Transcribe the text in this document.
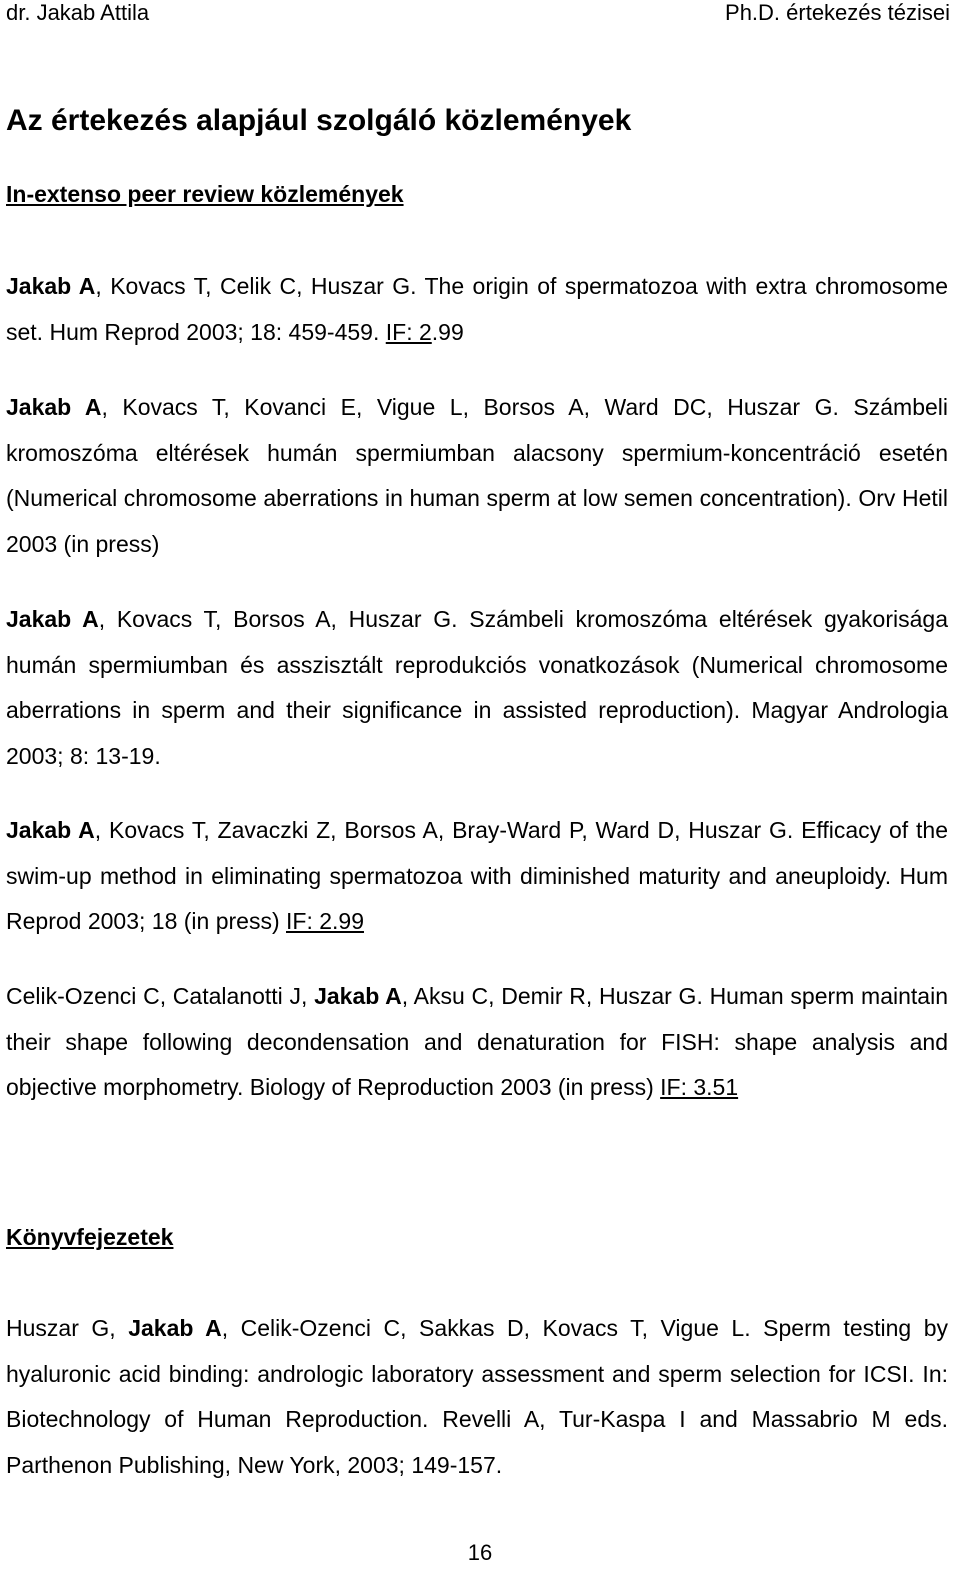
dr. Jakab Attila	Ph.D. értekezés tézisei
Az értekezés alapjául szolgáló közlemények
In-extenso peer review közlemények

Jakab A, Kovacs T, Celik C, Huszar G. The origin of spermatozoa with extra chromosome set. Hum Reprod 2003; 18: 459-459. IF: 2.99

Jakab A, Kovacs T, Kovanci E, Vigue L, Borsos A, Ward DC, Huszar G. Számbeli kromoszóma eltérések humán spermiumban alacsony spermium-koncentráció esetén (Numerical chromosome aberrations in human sperm at low semen concentration). Orv Hetil 2003 (in press)

Jakab A, Kovacs T, Borsos A, Huszar G. Számbeli kromoszóma eltérések gyakorisága humán spermiumban és asszisztált reprodukciós vonatkozások (Numerical chromosome aberrations in sperm and their significance in assisted reproduction). Magyar Andrologia 2003; 8: 13-19.

Jakab A, Kovacs T, Zavaczki Z, Borsos A, Bray-Ward P, Ward D, Huszar G. Efficacy of the swim-up method in eliminating spermatozoa with diminished maturity and aneuploidy. Hum Reprod 2003; 18 (in press) IF: 2.99

Celik-Ozenci C, Catalanotti J, Jakab A, Aksu C, Demir R, Huszar G. Human sperm maintain their shape following decondensation and denaturation for FISH: shape analysis and objective morphometry. Biology of Reproduction 2003 (in press) IF: 3.51

Könyvfejezetek

Huszar G, Jakab A, Celik-Ozenci C, Sakkas D, Kovacs T, Vigue L. Sperm testing by hyaluronic acid binding: andrologic laboratory assessment and sperm selection for ICSI. In: Biotechnology of Human Reproduction. Revelli A, Tur-Kaspa I and Massabrio M eds. Parthenon Publishing, New York, 2003; 149-157.

16
